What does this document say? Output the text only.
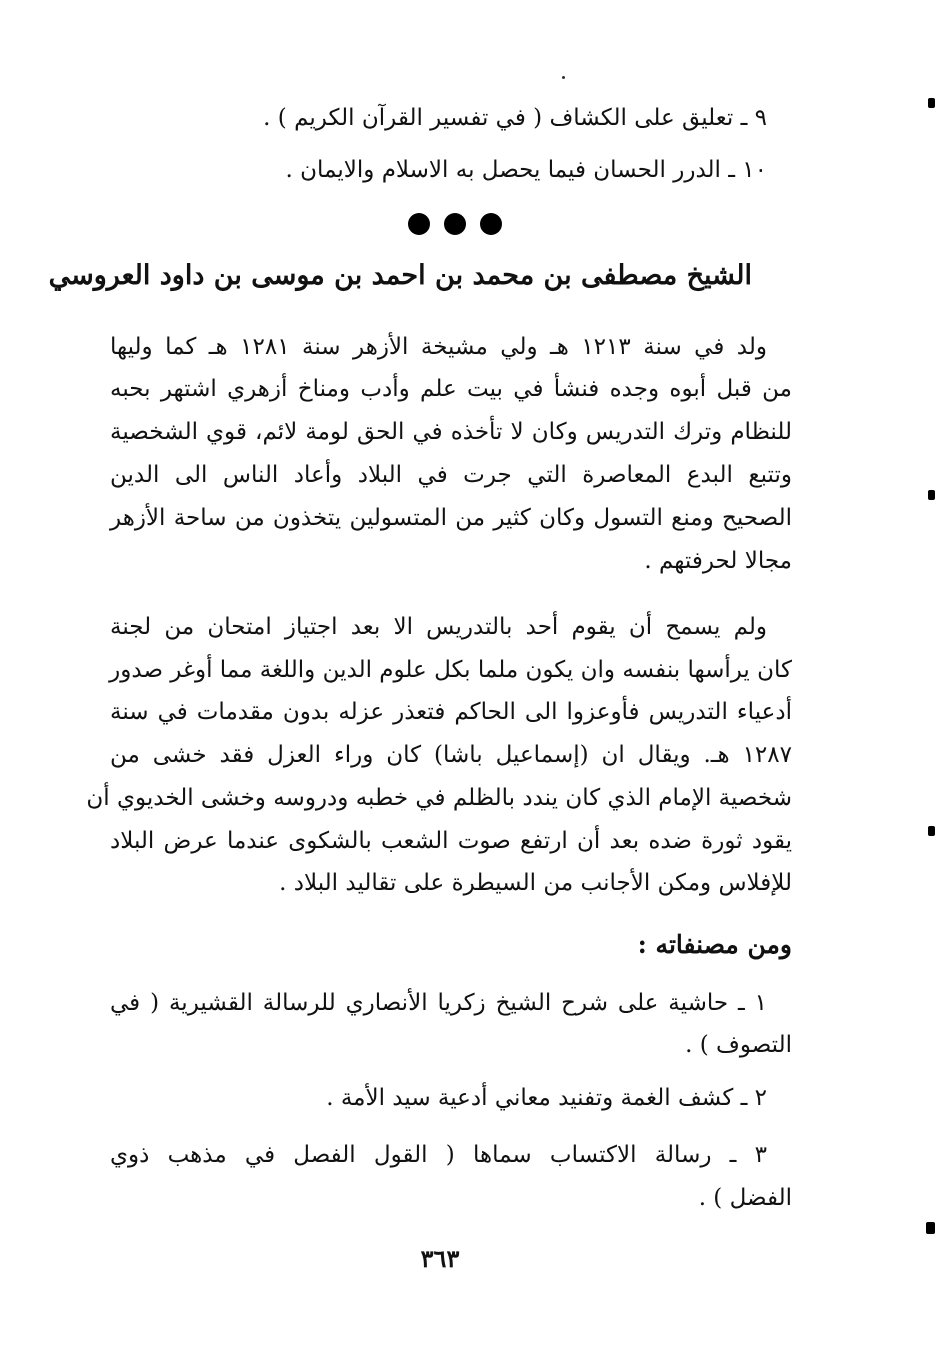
٩ ـ تعليق على الكشاف ( في تفسير القرآن الكريم ) .
١٠ ـ الدرر الحسان فيما يحصل به الاسلام والايمان .
الشيخ مصطفى بن محمد بن احمد بن موسى بن داود العروسي
ولد في سنة ١٢١٣ هـ ولي مشيخة الأزهر سنة ١٢٨١ هـ كما وليها
من قبل أبوه وجده فنشأ في بيت علم وأدب ومناخ أزهري اشتهر بحبه
للنظام وترك التدريس وكان لا تأخذه في الحق لومة لائم، قوي الشخصية
وتتبع البدع المعاصرة التي جرت في البلاد وأعاد الناس الى الدين
الصحيح ومنع التسول وكان كثير من المتسولين يتخذون من ساحة الأزهر
مجالا لحرفتهم .
ولم يسمح أن يقوم أحد بالتدريس الا بعد اجتياز امتحان من لجنة
كان يرأسها بنفسه وان يكون ملما بكل علوم الدين واللغة مما أوغر صدور
أدعياء التدريس فأوعزوا الى الحاكم فتعذر عزله بدون مقدمات في سنة
١٢٨٧ هـ. ويقال ان (إسماعيل باشا) كان وراء العزل فقد خشى من
شخصية الإمام الذي كان يندد بالظلم في خطبه ودروسه وخشى الخديوي أن
يقود ثورة ضده بعد أن ارتفع صوت الشعب بالشكوى عندما عرض البلاد
للإفلاس ومكن الأجانب من السيطرة على تقاليد البلاد .
ومن مصنفاته :
١ ـ حاشية على شرح الشيخ زكريا الأنصاري للرسالة القشيرية ( في
التصوف ) .
٢ ـ كشف الغمة وتفنيد معاني أدعية سيد الأمة .
٣ ـ رسالة الاكتساب سماها ( القول الفصل في مذهب ذوي
الفضل ) .
٣٦٣
